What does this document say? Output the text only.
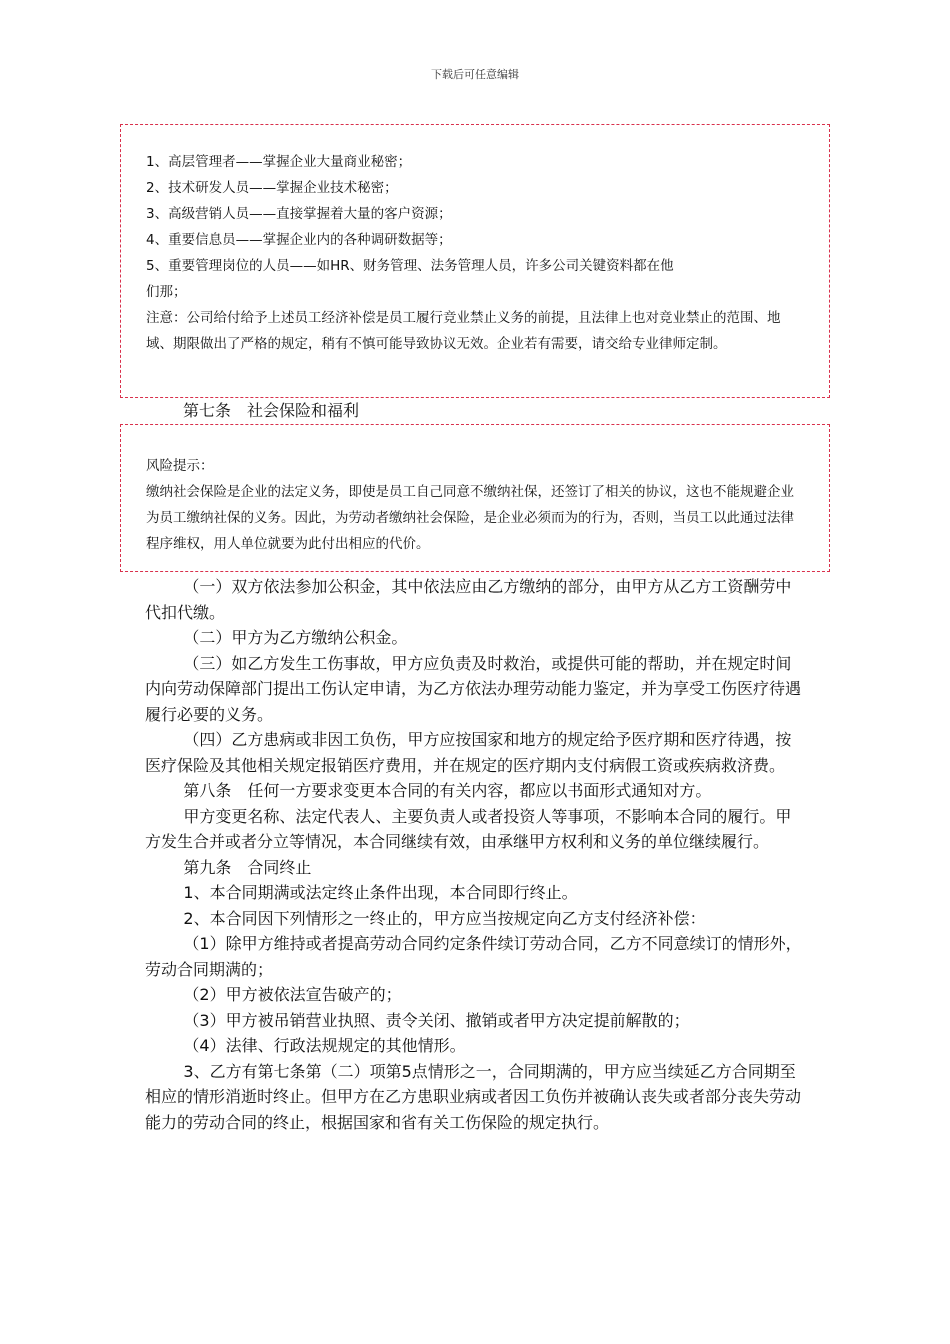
下载后可任意编辑
1、高层管理者——掌握企业大量商业秘密；
2、技术研发人员——掌握企业技术秘密；
3、高级营销人员——直接掌握着大量的客户资源；
4、重要信息员——掌握企业内的各种调研数据等；
5、重要管理岗位的人员——如HR、财务管理、法务管理人员，许多公司关键资料都在他
们那；
注意：公司给付给予上述员工经济补偿是员工履行竞业禁止义务的前提，且法律上也对竞业禁止的范围、地域、期限做出了严格的规定，稍有不慎可能导致协议无效。企业若有需要，请交给专业律师定制。
第七条　社会保险和福利
风险提示：
缴纳社会保险是企业的法定义务，即使是员工自己同意不缴纳社保，还签订了相关的协议，这也不能规避企业为员工缴纳社保的义务。因此，为劳动者缴纳社会保险，是企业必须而为的行为，否则，当员工以此通过法律程序维权，用人单位就要为此付出相应的代价。

（一）双方依法参加公积金，其中依法应由乙方缴纳的部分，由甲方从乙方工资酬劳中代扣代缴。

（二）甲方为乙方缴纳公积金。

（三）如乙方发生工伤事故，甲方应负责及时救治，或提供可能的帮助，并在规定时间内向劳动保障部门提出工伤认定申请，为乙方依法办理劳动能力鉴定，并为享受工伤医疗待遇履行必要的义务。

（四）乙方患病或非因工负伤，甲方应按国家和地方的规定给予医疗期和医疗待遇，按医疗保险及其他相关规定报销医疗费用，并在规定的医疗期内支付病假工资或疾病救济费。

第八条　任何一方要求变更本合同的有关内容，都应以书面形式通知对方。

甲方变更名称、法定代表人、主要负责人或者投资人等事项，不影响本合同的履行。甲方发生合并或者分立等情况，本合同继续有效，由承继甲方权利和义务的单位继续履行。

第九条　合同终止

1、本合同期满或法定终止条件出现，本合同即行终止。

2、本合同因下列情形之一终止的，甲方应当按规定向乙方支付经济补偿：

（1）除甲方维持或者提高劳动合同约定条件续订劳动合同，乙方不同意续订的情形外，劳动合同期满的；

（2）甲方被依法宣告破产的；

（3）甲方被吊销营业执照、责令关闭、撤销或者甲方决定提前解散的；

（4）法律、行政法规规定的其他情形。

3、乙方有第七条第（二）项第5点情形之一，合同期满的，甲方应当续延乙方合同期至相应的情形消逝时终止。但甲方在乙方患职业病或者因工负伤并被确认丧失或者部分丧失劳动能力的劳动合同的终止，根据国家和省有关工伤保险的规定执行。
